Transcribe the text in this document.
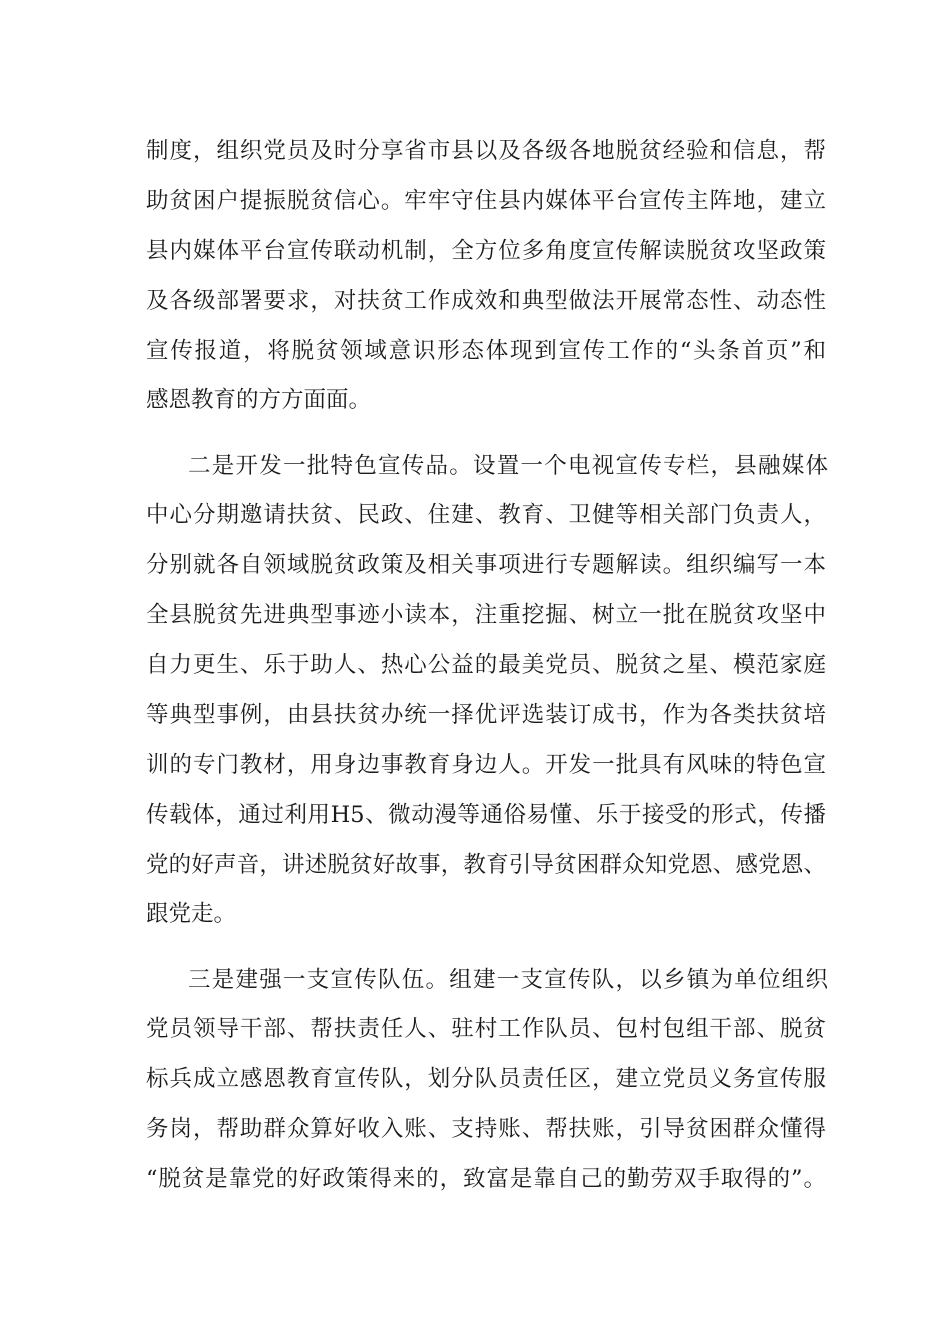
制度，组织党员及时分享省市县以及各级各地脱贫经验和信息，帮
助贫困户提振脱贫信心。牢牢守住县内媒体平台宣传主阵地，建立
县内媒体平台宣传联动机制，全方位多角度宣传解读脱贫攻坚政策
及各级部署要求，对扶贫工作成效和典型做法开展常态性、动态性
宣传报道，将脱贫领域意识形态体现到宣传工作的“头条首页”和
感恩教育的方方面面。
二是开发一批特色宣传品。设置一个电视宣传专栏，县融媒体
中心分期邀请扶贫、民政、住建、教育、卫健等相关部门负责人，
分别就各自领域脱贫政策及相关事项进行专题解读。组织编写一本
全县脱贫先进典型事迹小读本，注重挖掘、树立一批在脱贫攻坚中
自力更生、乐于助人、热心公益的最美党员、脱贫之星、模范家庭
等典型事例，由县扶贫办统一择优评选装订成书，作为各类扶贫培
训的专门教材，用身边事教育身边人。开发一批具有风味的特色宣
传载体，通过利用H5、微动漫等通俗易懂、乐于接受的形式，传播
党的好声音，讲述脱贫好故事，教育引导贫困群众知党恩、感党恩、
跟党走。
三是建强一支宣传队伍。组建一支宣传队，以乡镇为单位组织
党员领导干部、帮扶责任人、驻村工作队员、包村包组干部、脱贫
标兵成立感恩教育宣传队，划分队员责任区，建立党员义务宣传服
务岗，帮助群众算好收入账、支持账、帮扶账，引导贫困群众懂得
“脱贫是靠党的好政策得来的，致富是靠自己的勤劳双手取得的”。
